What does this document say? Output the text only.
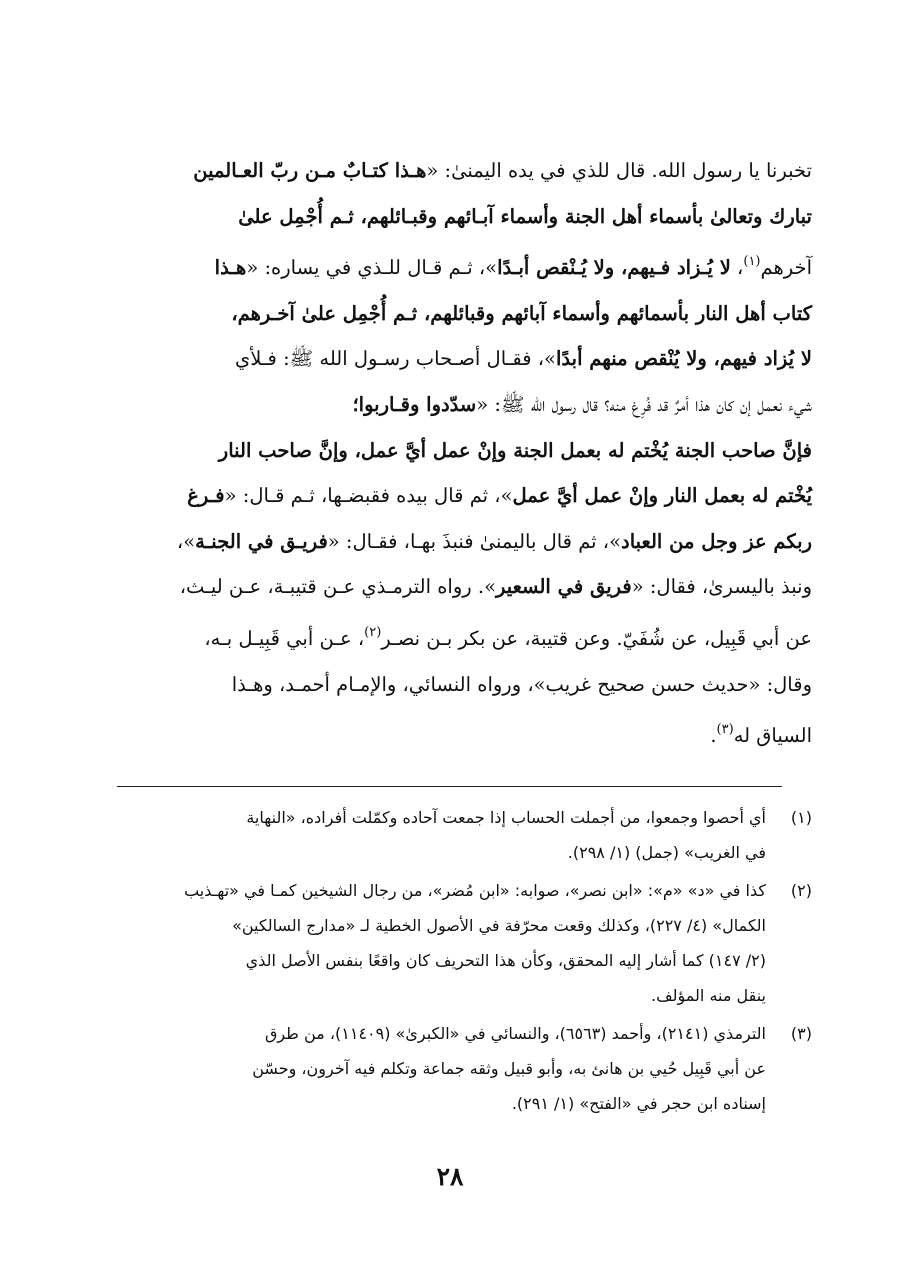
تخبرنا يا رسول الله. قال للذي في يده اليمنىٰ: «هـذا كتـابٌ مـن ربّ العـالمين
تبارك وتعالىٰ بأسماء أهل الجنة وأسماء آبـائهم وقبـائلهم، ثـم أُجْمِل علىٰ
آخرهم$^{(١)}$، لا يُـزاد فـيهم، ولا يُـنْقص أبـدًا»، ثـم قـال للـذي في يساره: «هـذا
كتاب أهل النار بأسمائهم وأسماء آبائهم وقبائلهم، ثـم أُجْمِل علىٰ آخـرهم،
لا يُزاد فيهم، ولا يُنْقص منهم أبدًا»، فقـال أصـحاب رسـول الله ﷺ: فـلأي
شيء نعمل إن كان هذا أمرٌ قد فُرِغ منه؟ قال رسول الله ﷺ: «سدّدوا وقـاربوا؛
فإنَّ صاحب الجنة يُخْتم له بعمل الجنة وإنْ عمل أيَّ عمل، وإنَّ صاحب النار
يُخْتم له بعمل النار وإنْ عمل أيَّ عمل»، ثم قال بيده فقبضـها، ثـم قـال: «فـرغ
ربكم عز وجل من العباد»، ثم قال باليمنىٰ فنبذَ بهـا، فقـال: «فريـق في الجنـة»،
ونبذ باليسرىٰ، فقال: «فريق في السعير». رواه الترمـذي عـن قتيبـة، عـن ليـث،
عن أبي قَبِيل، عن شُفَيّ. وعن قتيبة، عن بكر بـن نصـر$^{(٢)}$، عـن أبي قَبِيـل بـه،
وقال: «حديث حسن صحيح غريب»، ورواه النسائي، والإمـام أحمـد، وهـذا
السياق له$^{(٣)}$.
(١)
أي أحصوا وجمعوا، من أجملت الحساب إذا جمعت آحاده وكمّلت أفراده، «النهاية
في الغريب» (جمل) (١/ ٢٩٨).
(٢)
كذا في «د» «م»: «ابن نصر»، صوابه: «ابن مُضر»، من رجال الشيخين كمـا في «تهـذيب
الكمال» (٤/ ٢٢٧)، وكذلك وقعت محرّفة في الأصول الخطية لـ «مدارج السالكين»
(٢/ ١٤٧) كما أشار إليه المحقق، وكأن هذا التحريف كان واقعًا بنفس الأصل الذي
ينقل منه المؤلف.
(٣)
الترمذي (٢١٤١)، وأحمد (٦٥٦٣)، والنسائي في «الكبرىٰ» (١١٤٠٩)، من طرق
عن أبي قَبِيل حُيي بن هانئ به، وأبو قبيل وثقه جماعة وتكلم فيه آخرون، وحسّن
إسناده ابن حجر في «الفتح» (١/ ٢٩١).
٢٨
